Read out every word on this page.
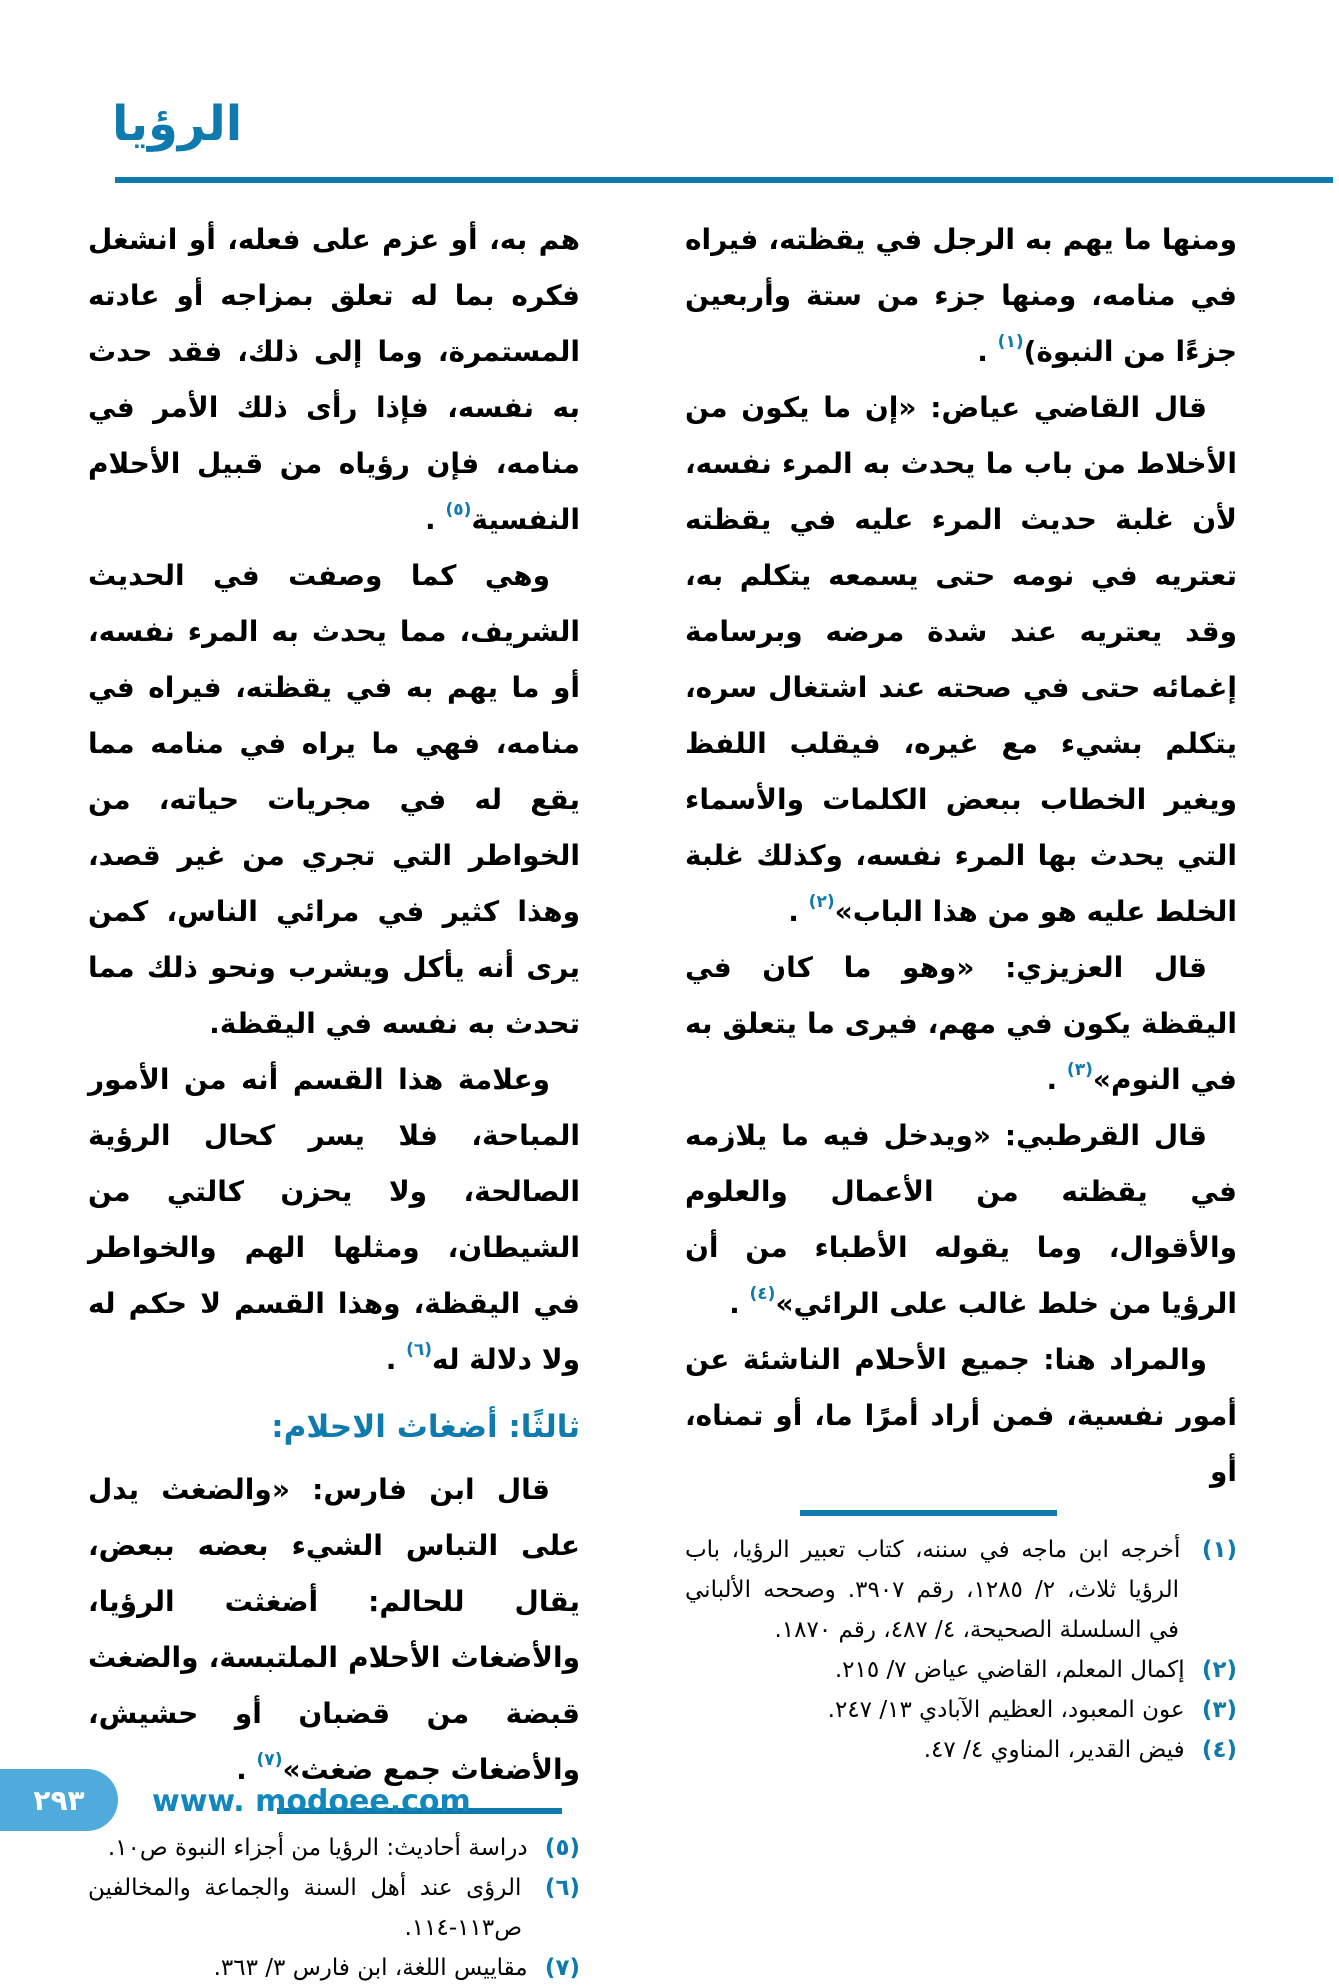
الرؤيا

ومنها ما يهم به الرجل في يقظته، فيراه في منامه، ومنها جزء من ستة وأربعين جزءًا من النبوة)$^{(١)}$ .

قال القاضي عياض: «إن ما يكون من الأخلاط من باب ما يحدث به المرء نفسه، لأن غلبة حديث المرء عليه في يقظته تعتريه في نومه حتى يسمعه يتكلم به، وقد يعتريه عند شدة مرضه وبرسامة إغمائه حتى في صحته عند اشتغال سره، يتكلم بشيء مع غيره، فيقلب اللفظ ويغير الخطاب ببعض الكلمات والأسماء التي يحدث بها المرء نفسه، وكذلك غلبة الخلط عليه هو من هذا الباب»$^{(٢)}$ .

قال العزيزي: «وهو ما كان في اليقظة يكون في مهم، فيرى ما يتعلق به في النوم»$^{(٣)}$ .

قال القرطبي: «ويدخل فيه ما يلازمه في يقظته من الأعمال والعلوم والأقوال، وما يقوله الأطباء من أن الرؤيا من خلط غالب على الرائي»$^{(٤)}$ .

والمراد هنا: جميع الأحلام الناشئة عن أمور نفسية، فمن أراد أمرًا ما، أو تمناه، أو

(١) أخرجه ابن ماجه في سننه، كتاب تعبير الرؤيا، باب الرؤيا ثلاث، ٢/ ١٢٨٥، رقم ٣٩٠٧. وصححه الألباني في السلسلة الصحيحة، ٤/ ٤٨٧، رقم ١٨٧٠.
(٢) إكمال المعلم، القاضي عياض ٧/ ٢١٥.
(٣) عون المعبود، العظيم الآبادي ١٣/ ٢٤٧.
(٤) فيض القدير، المناوي ٤/ ٤٧.

هم به، أو عزم على فعله، أو انشغل فكره بما له تعلق بمزاجه أو عادته المستمرة، وما إلى ذلك، فقد حدث به نفسه، فإذا رأى ذلك الأمر في منامه، فإن رؤياه من قبيل الأحلام النفسية$^{(٥)}$ .

وهي كما وصفت في الحديث الشريف، مما يحدث به المرء نفسه، أو ما يهم به في يقظته، فيراه في منامه، فهي ما يراه في منامه مما يقع له في مجريات حياته، من الخواطر التي تجري من غير قصد، وهذا كثير في مرائي الناس، كمن يرى أنه يأكل ويشرب ونحو ذلك مما تحدث به نفسه في اليقظة.

وعلامة هذا القسم أنه من الأمور المباحة، فلا يسر كحال الرؤية الصالحة، ولا يحزن كالتي من الشيطان، ومثلها الهم والخواطر في اليقظة، وهذا القسم لا حكم له ولا دلالة له$^{(٦)}$ .

ثالثًا: أضغاث الاحلام:

قال ابن فارس: «والضغث يدل على التباس الشيء بعضه ببعض، يقال للحالم: أضغثت الرؤيا، والأضغاث الأحلام الملتبسة، والضغث قبضة من قضبان أو حشيش، والأضغاث جمع ضغث»$^{(٧)}$ .

(٥) دراسة أحاديث: الرؤيا من أجزاء النبوة ص١٠.
(٦) الرؤى عند أهل السنة والجماعة والمخالفين ص١١٣-١١٤.
(٧) مقاييس اللغة، ابن فارس ٣/ ٣٦٣.
٢٩٣ www. modoee.com
